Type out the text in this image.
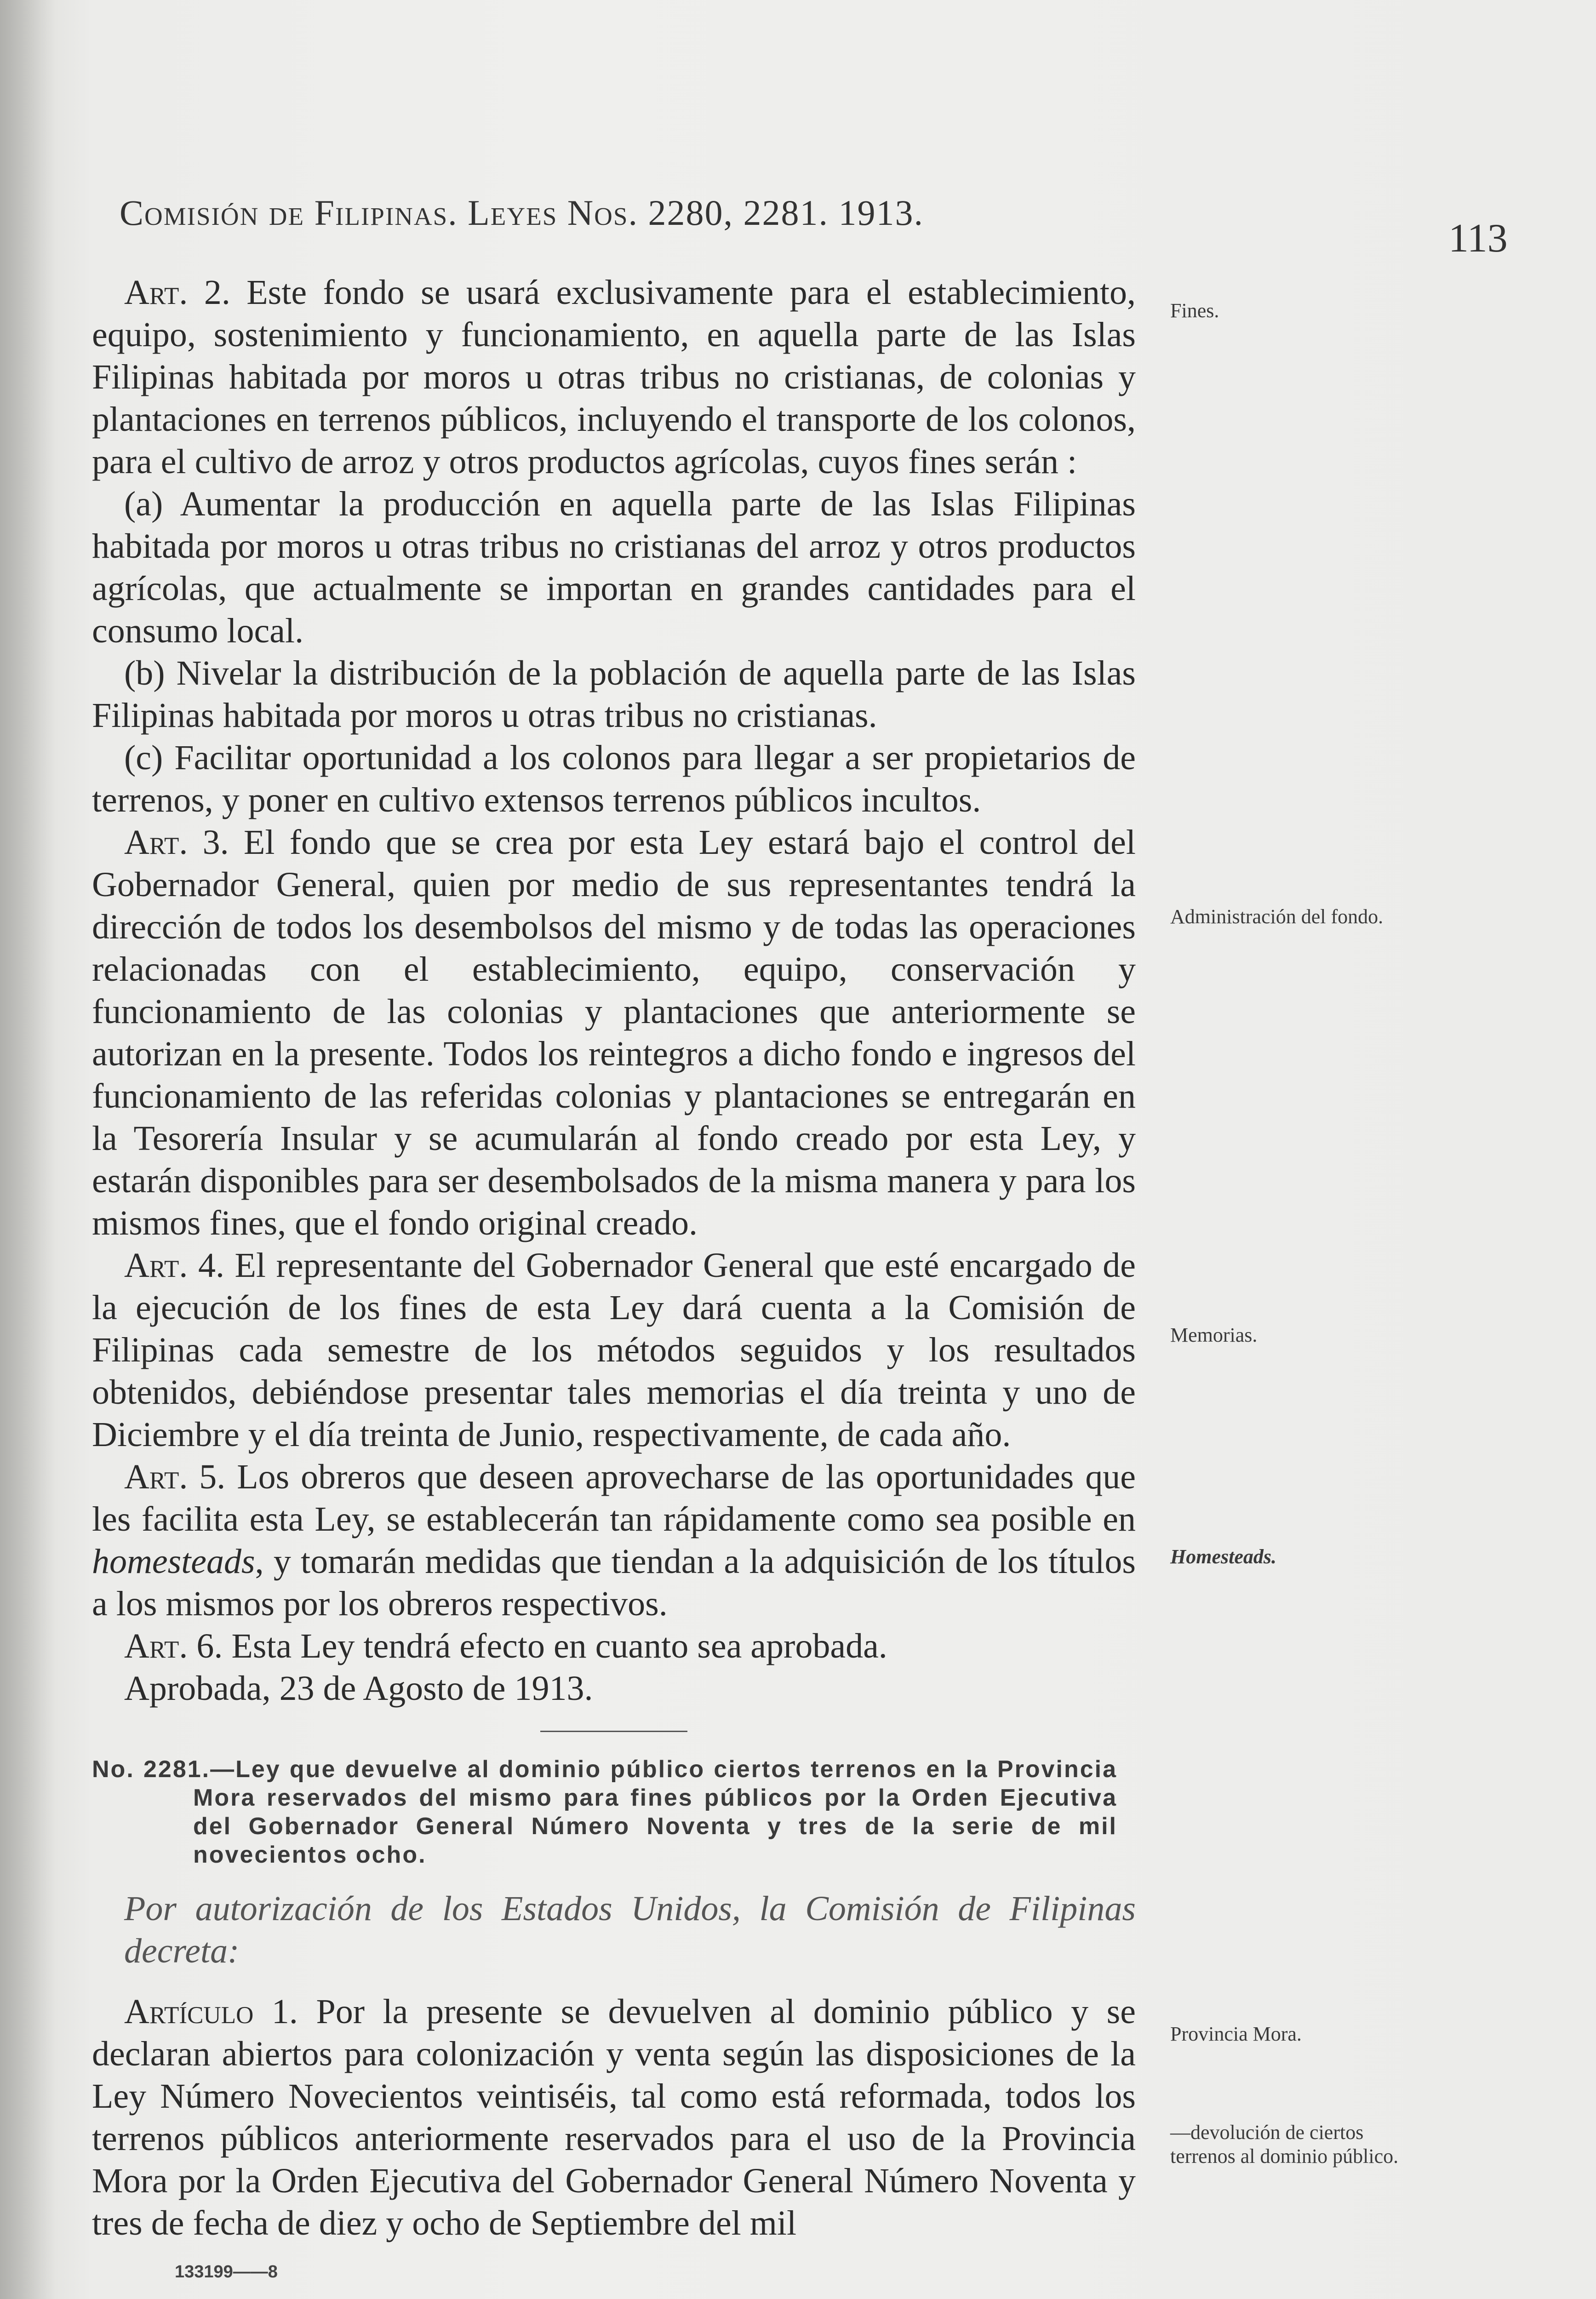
Comisión de Filipinas. Leyes Nos. 2280, 2281. 1913.
113

Art. 2. Este fondo se usará exclusivamente para el establecimiento, equipo, sostenimiento y funcionamiento, en aquella parte de las Islas Filipinas habitada por moros u otras tribus no cristianas, de colonias y plantaciones en terrenos públicos, incluyendo el transporte de los colonos, para el cultivo de arroz y otros productos agrícolas, cuyos fines serán :

(a) Aumentar la producción en aquella parte de las Islas Filipinas habitada por moros u otras tribus no cristianas del arroz y otros productos agrícolas, que actualmente se importan en grandes cantidades para el consumo local.

(b) Nivelar la distribución de la población de aquella parte de las Islas Filipinas habitada por moros u otras tribus no cristianas.

(c) Facilitar oportunidad a los colonos para llegar a ser propietarios de terrenos, y poner en cultivo extensos terrenos públicos incultos.

Art. 3. El fondo que se crea por esta Ley estará bajo el control del Gobernador General, quien por medio de sus representantes tendrá la dirección de todos los desembolsos del mismo y de todas las operaciones relacionadas con el establecimiento, equipo, conservación y funcionamiento de las colonias y plantaciones que anteriormente se autorizan en la presente. Todos los reintegros a dicho fondo e ingresos del funcionamiento de las referidas colonias y plantaciones se entregarán en la Tesorería Insular y se acumularán al fondo creado por esta Ley, y estarán disponibles para ser desembolsados de la misma manera y para los mismos fines, que el fondo original creado.

Art. 4. El representante del Gobernador General que esté encargado de la ejecución de los fines de esta Ley dará cuenta a la Comisión de Filipinas cada semestre de los métodos seguidos y los resultados obtenidos, debiéndose presentar tales memorias el día treinta y uno de Diciembre y el día treinta de Junio, respectivamente, de cada año.

Art. 5. Los obreros que deseen aprovecharse de las oportunidades que les facilita esta Ley, se establecerán tan rápidamente como sea posible en homesteads, y tomarán medidas que tiendan a la adquisición de los títulos a los mismos por los obreros respectivos.

Art. 6. Esta Ley tendrá efecto en cuanto sea aprobada.

Aprobada, 23 de Agosto de 1913.

No. 2281.—Ley que devuelve al dominio público ciertos terrenos en la Provincia Mora reservados del mismo para fines públicos por la Orden Ejecutiva del Gobernador General Número Noventa y tres de la serie de mil novecientos ocho.

Por autorización de los Estados Unidos, la Comisión de Filipinas decreta:

Artículo 1. Por la presente se devuelven al dominio público y se declaran abiertos para colonización y venta según las disposiciones de la Ley Número Novecientos veintiséis, tal como está reformada, todos los terrenos públicos anteriormente reservados para el uso de la Provincia Mora por la Orden Ejecutiva del Gobernador General Número Noventa y tres de fecha de diez y ocho de Septiembre del mil

133199——8
Fines.
Administración del fondo.
Memorias.
Homesteads.
Provincia Mora.
—devolución de ciertos terrenos al dominio público.
